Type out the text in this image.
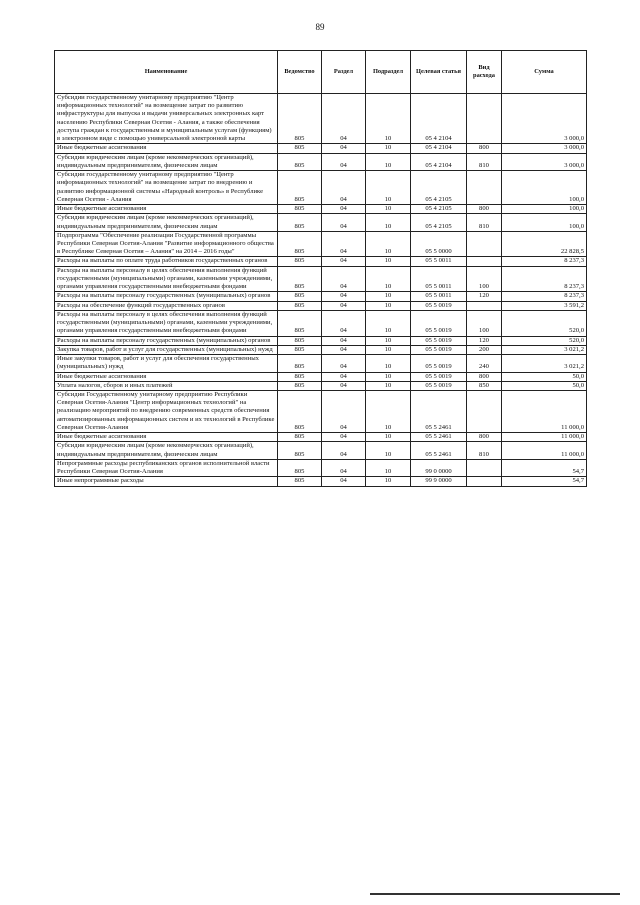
89
Наименование	Ведомство	Раздел	Подраздел	Целевая статья	Вид расхода	Сумма
Субсидии государственному унитарному предприятию "Центр информационных технологий" на возмещение затрат по развитию инфраструктуры для выпуска и выдачи универсальных электронных карт населению Республики Северная Осетия - Алания, а также обеспечения доступа граждан к государственным и муниципальным услугам (функциям) в электронном виде с помощью универсальной электронной карты	805	04	10	05 4 2104		3 000,0
Иные бюджетные ассигнования	805	04	10	05 4 2104	800	3 000,0
Субсидии юридическим лицам (кроме некоммерческих организаций), индивидуальным предпринимателям, физическим лицам	805	04	10	05 4 2104	810	3 000,0
Субсидии государственному унитарному предприятию "Центр информационных технологий" на возмещение затрат по внедрению и развитию информационной системы «Народный контроль» в Республике Северная Осетия - Алания	805	04	10	05 4 2105		100,0
Иные бюджетные ассигнования	805	04	10	05 4 2105	800	100,0
Субсидии юридическим лицам (кроме некоммерческих организаций), индивидуальным предпринимателям, физическим лицам	805	04	10	05 4 2105	810	100,0
Подпрограмма "Обеспечение реализации Государственной программы Республики Северная Осетия-Алания "Развитие информационного общества в Республике Северная Осетия – Алания" на 2014 – 2016 годы"	805	04	10	05 5 0000		22 828,5
Расходы на выплаты по оплате труда работников государственных органов	805	04	10	05 5 0011		8 237,3
Расходы на выплаты персоналу в целях обеспечения выполнения функций государственными (муниципальными) органами, казенными учреждениями, органами управления государственными внебюджетными фондами	805	04	10	05 5 0011	100	8 237,3
Расходы на выплаты персоналу государственных (муниципальных) органов	805	04	10	05 5 0011	120	8 237,3
Расходы на обеспечение функций государственных органов	805	04	10	05 5 0019		3 591,2
Расходы на выплаты персоналу в целях обеспечения выполнения функций государственными (муниципальными) органами, казенными учреждениями, органами управления государственными внебюджетными фондами	805	04	10	05 5 0019	100	520,0
Расходы на выплаты персоналу государственных (муниципальных) органов	805	04	10	05 5 0019	120	520,0
Закупка товаров, работ и услуг для государственных (муниципальных) нужд	805	04	10	05 5 0019	200	3 021,2
Иные закупки товаров, работ и услуг для обеспечения государственных (муниципальных) нужд	805	04	10	05 5 0019	240	3 021,2
Иные бюджетные ассигнования	805	04	10	05 5 0019	800	50,0
Уплата налогов, сборов и иных платежей	805	04	10	05 5 0019	850	50,0
Субсидии Государственному унитарному предприятию Республики Северная Осетия-Алания "Центр информационных технологий" на реализацию мероприятий по внедрению современных средств обеспечения автоматизированных информационных систем и их технологий в Республике Северная Осетия-Алания	805	04	10	05 5 2461		11 000,0
Иные бюджетные ассигнования	805	04	10	05 5 2461	800	11 000,0
Субсидии юридическим лицам (кроме некоммерческих организаций), индивидуальным предпринимателям, физическим лицам	805	04	10	05 5 2461	810	11 000,0
Непрограммные расходы республиканских органов исполнительной власти Республики Северная Осетия-Алания	805	04	10	99 0 0000		54,7
Иные непрограммные расходы	805	04	10	99 9 0000		54,7
